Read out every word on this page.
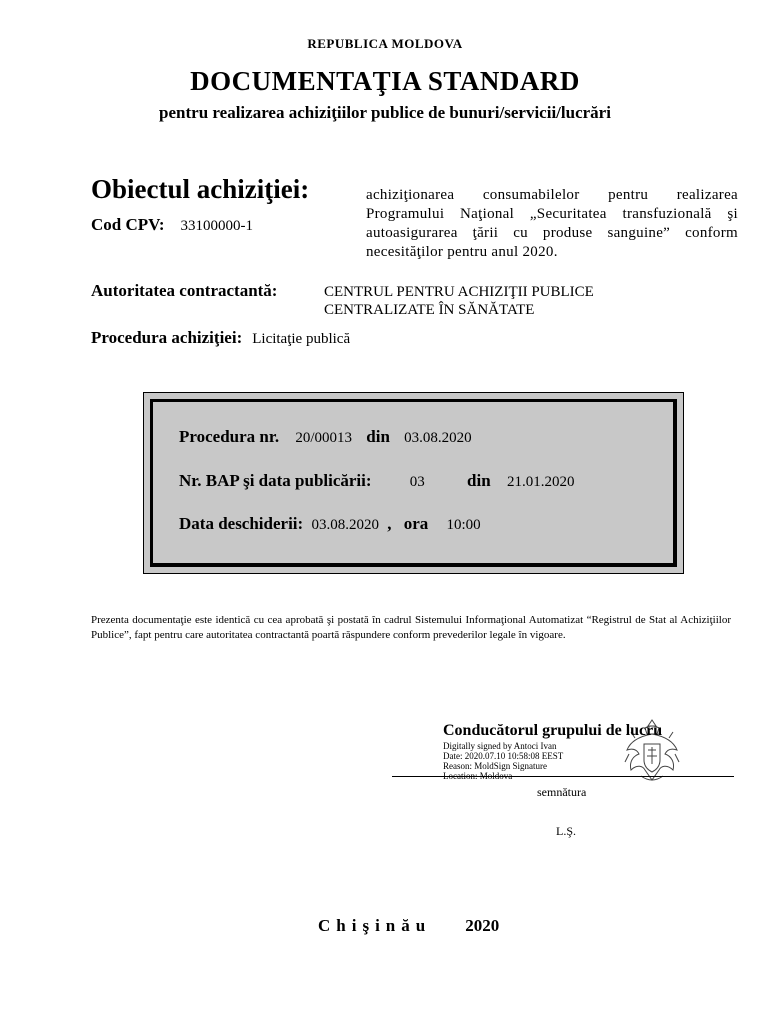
REPUBLICA MOLDOVA
DOCUMENTAŢIA STANDARD
pentru realizarea achiziţiilor publice de bunuri/servicii/lucrări
Obiectul achiziţiei:	achiziţionarea consumabilelor pentru realizarea Programului Naţional „Securitatea transfuzională şi autoasigurarea ţării cu produse sanguine” conform necesităţilor pentru anul 2020.
Cod CPV: 33100000-1
Autoritatea contractantă:	CENTRUL PENTRU ACHIZIŢII PUBLICE
CENTRALIZATE ÎN SĂNĂTATE
Procedura achiziţiei: Licitaţie publică
Procedura nr. 20/00013 din 03.08.2020
Nr. BAP şi data publicării:	03 din 21.01.2020
Data deschiderii: 03.08.2020 , ora 10:00
Prezenta documentaţie este identică cu cea aprobată şi postată în cadrul Sistemului Informaţional Automatizat “Registrul de Stat al Achiziţiilor Publice”, fapt pentru care autoritatea contractantă poartă răspundere conform prevederilor legale în vigoare.
Conducătorul grupului de lucru
Digitally signed by Antoci Ivan
Date: 2020.07.10 10:58:08 EEST
Reason: MoldSign Signature
Location: Moldova
semnătura
L.Ş.
Chişinău 2020
